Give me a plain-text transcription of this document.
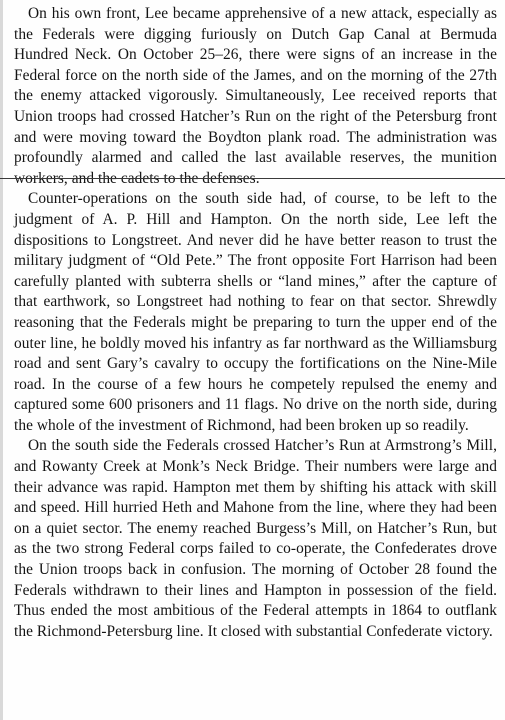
On his own front, Lee became apprehensive of a new attack, especially as the Federals were digging furiously on Dutch Gap Canal at Bermuda Hundred Neck. On October 25–26, there were signs of an increase in the Federal force on the north side of the James, and on the morning of the 27th the enemy attacked vigorously. Simultaneously, Lee received reports that Union troops had crossed Hatcher’s Run on the right of the Petersburg front and were moving toward the Boydton plank road. The administration was profoundly alarmed and called the last available reserves, the munition workers, and the cadets to the defenses.

Counter-operations on the south side had, of course, to be left to the judgment of A. P. Hill and Hampton. On the north side, Lee left the dispositions to Longstreet. And never did he have better reason to trust the military judgment of “Old Pete.” The front opposite Fort Harrison had been carefully planted with subterra shells or “land mines,” after the capture of that earthwork, so Longstreet had nothing to fear on that sector. Shrewdly reasoning that the Federals might be preparing to turn the upper end of the outer line, he boldly moved his infantry as far northward as the Williamsburg road and sent Gary’s cavalry to occupy the fortifications on the Nine-Mile road. In the course of a few hours he competely repulsed the enemy and captured some 600 prisoners and 11 flags. No drive on the north side, during the whole of the investment of Richmond, had been broken up so readily.

On the south side the Federals crossed Hatcher’s Run at Armstrong’s Mill, and Rowanty Creek at Monk’s Neck Bridge. Their numbers were large and their advance was rapid. Hampton met them by shifting his attack with skill and speed. Hill hurried Heth and Mahone from the line, where they had been on a quiet sector. The enemy reached Burgess’s Mill, on Hatcher’s Run, but as the two strong Federal corps failed to co-operate, the Confederates drove the Union troops back in confusion. The morning of October 28 found the Federals withdrawn to their lines and Hampton in possession of the field. Thus ended the most ambitious of the Federal attempts in 1864 to outflank the Richmond-Petersburg line. It closed with substantial Confederate victory.
